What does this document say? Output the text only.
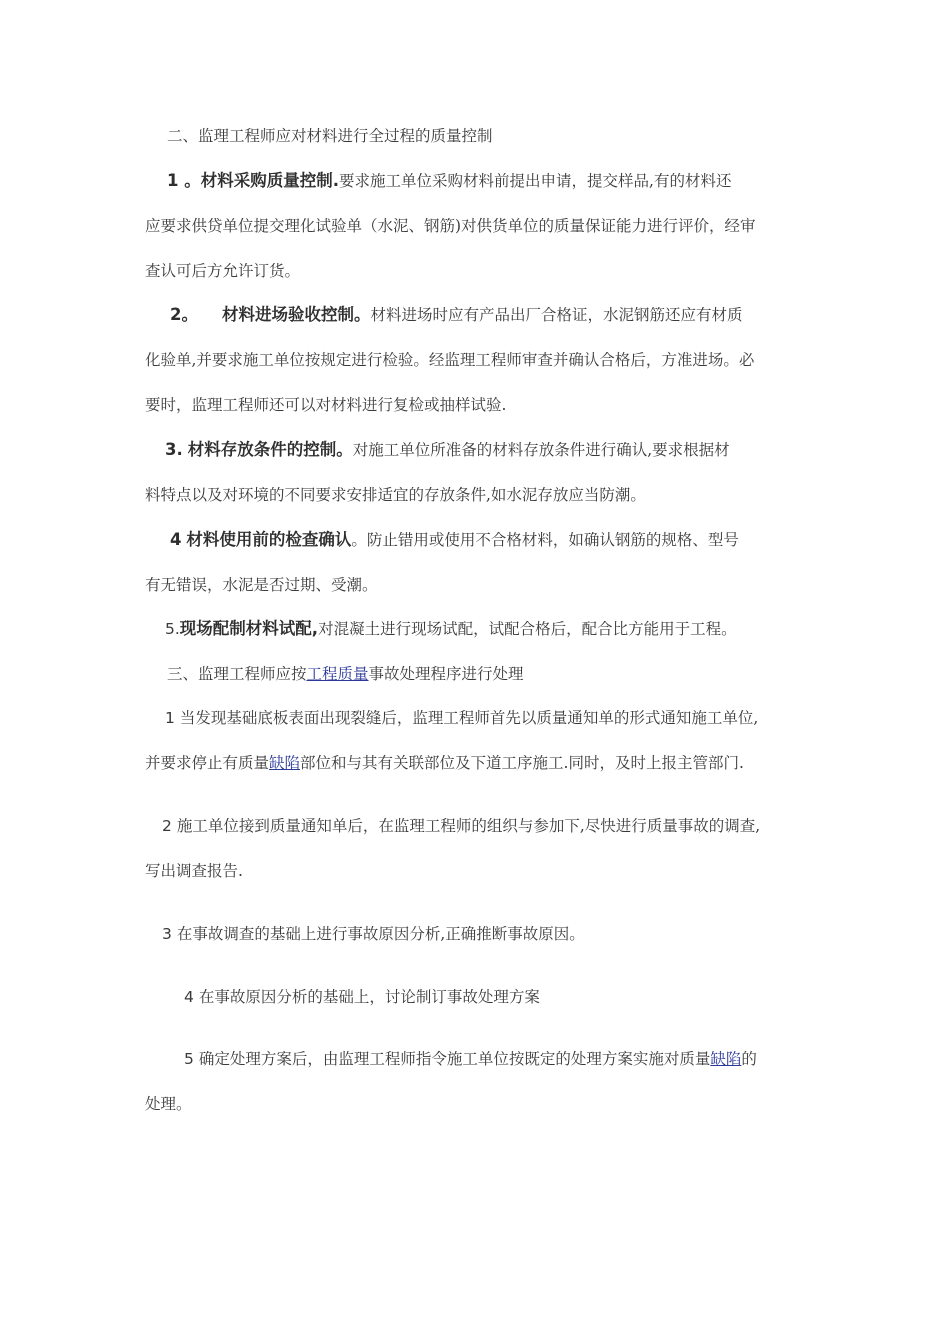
二、监理工程师应对材料进行全过程的质量控制
1 。材料采购质量控制.要求施工单位采购材料前提出申请，提交样品,有的材料还
应要求供贷单位提交理化试验单（水泥、钢筋)对供货单位的质量保证能力进行评价，经审
查认可后方允许订货。
2。 材料进场验收控制。材料进场时应有产品出厂合格证，水泥钢筋还应有材质
化验单,并要求施工单位按规定进行检验。经监理工程师审查并确认合格后，方准进场。必
要时，监理工程师还可以对材料进行复检或抽样试验.
3. 材料存放条件的控制。对施工单位所准备的材料存放条件进行确认,要求根据材
料特点以及对环境的不同要求安排适宜的存放条件,如水泥存放应当防潮。
4 材料使用前的检查确认。防止错用或使用不合格材料，如确认钢筋的规格、型号
有无错误，水泥是否过期、受潮。
5.现场配制材料试配,对混凝土进行现场试配，试配合格后，配合比方能用于工程。
三、监理工程师应按工程质量事故处理程序进行处理
1 当发现基础底板表面出现裂缝后，监理工程师首先以质量通知单的形式通知施工单位,
并要求停止有质量缺陷部位和与其有关联部位及下道工序施工.同时，及时上报主管部门.
2 施工单位接到质量通知单后，在监理工程师的组织与参加下,尽快进行质量事故的调查,
写出调查报告.
3 在事故调查的基础上进行事故原因分析,正确推断事故原因。
4 在事故原因分析的基础上，讨论制订事故处理方案
5 确定处理方案后，由监理工程师指令施工单位按既定的处理方案实施对质量缺陷的
处理。
